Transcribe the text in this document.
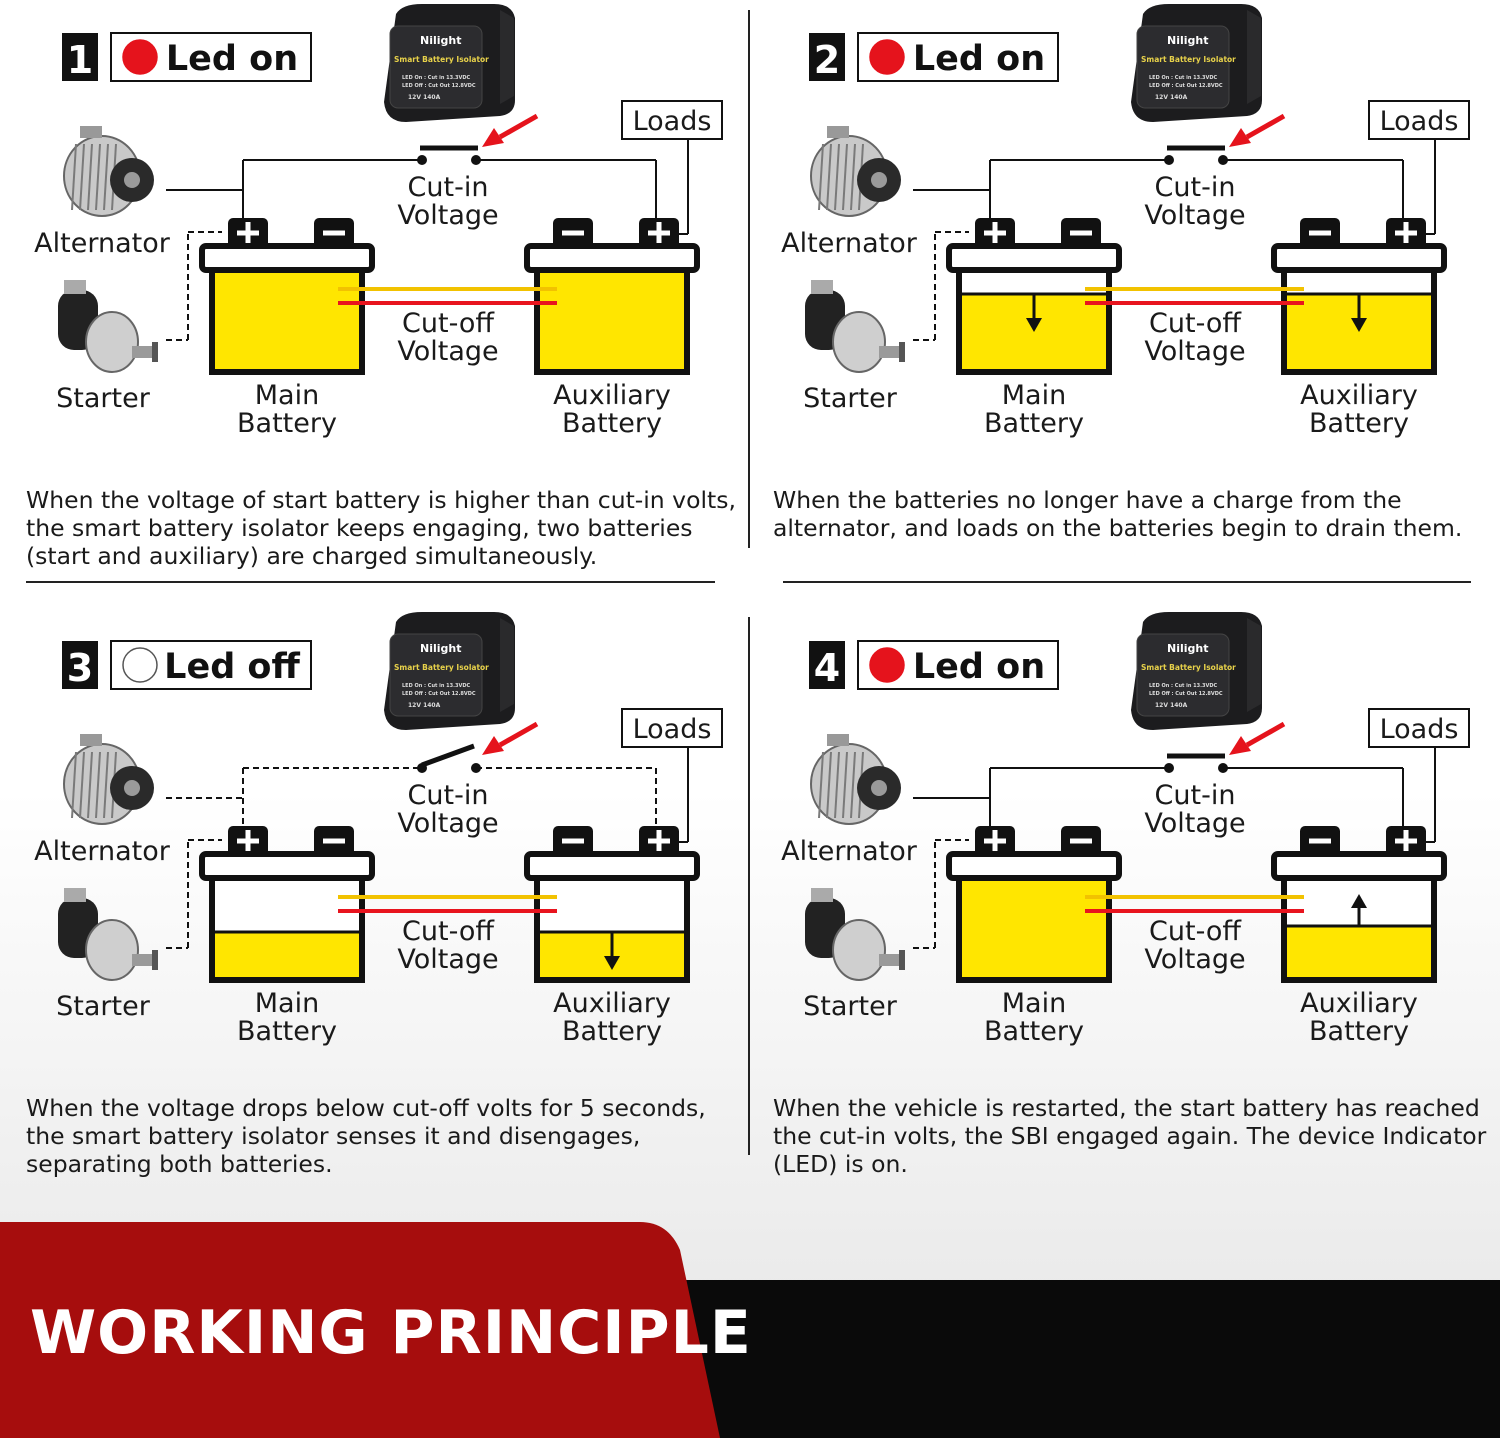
1 Led on	Nilight
Smart Battery Isolator
LED On : Cut in 13.3VDC
LED Off : Cut Out 12.8VDC
12V 140A
Loads
Alternator
Starter	Main
Battery
Auxiliary
Battery
Cut-in
Voltage
Cut-off
Voltage
2 Led on	Nilight
Smart Battery Isolator
LED On : Cut in 13.3VDC
LED Off : Cut Out 12.8VDC
12V 140A
Loads
Alternator
Starter	Main
Battery
Auxiliary
Battery
Cut-in
Voltage
Cut-off
Voltage
3 Led off	Nilight
Smart Battery Isolator
LED On : Cut in 13.3VDC
LED Off : Cut Out 12.8VDC
12V 140A
Loads
Alternator
Starter	Main
Battery
Auxiliary
Battery
Cut-in
Voltage
Cut-off
Voltage
4 Led on	Nilight
Smart Battery Isolator
LED On : Cut in 13.3VDC
LED Off : Cut Out 12.8VDC
12V 140A
Loads
Alternator
Starter	Main
Battery
Auxiliary
Battery
Cut-in
Voltage
Cut-off
Voltage

When the voltage of start battery is higher than cut-in volts, the smart battery isolator keeps engaging, two batteries (start and auxiliary) are charged simultaneously.

When the batteries no longer have a charge from the alternator, and loads on the batteries begin to drain them.

When the voltage drops below cut-off volts for 5 seconds, the smart battery isolator senses it and disengages, separating both batteries.

When the vehicle is restarted, the start battery has reached the cut-in volts, the SBI engaged again. The device Indicator (LED) is on.

WORKING PRINCIPLE
